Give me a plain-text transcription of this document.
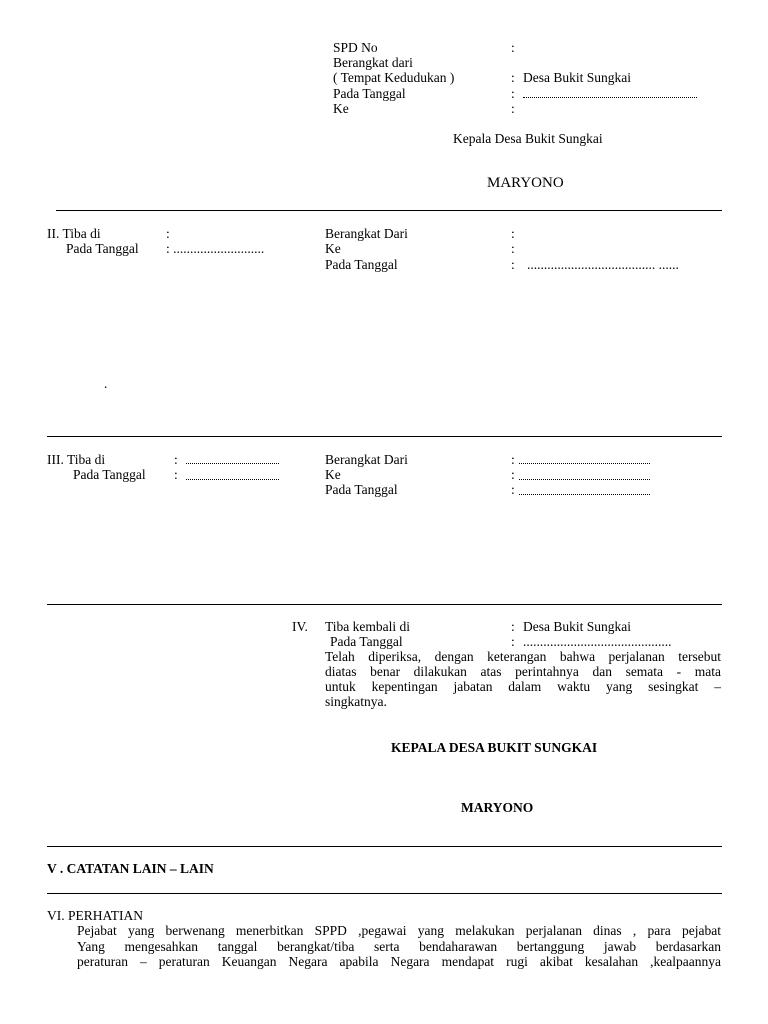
SPD No	:
Berangkat dari
( Tempat Kedudukan )	: Desa Bukit Sungkai
Pada Tanggal	:
Ke	:
Kepala Desa Bukit Sungkai
MARYONO
II. Tiba di	:
Pada Tanggal : ...........................
Berangkat Dari	:
Ke	:
Pada Tanggal	: ...................................... ......
.
III. Tiba di	:
Pada Tanggal :
Berangkat Dari	:
Ke	:
Pada Tanggal	:
IV. Tiba kembali di	: Desa Bukit Sungkai
Pada Tanggal	: ............................................
Telah diperiksa, dengan keterangan bahwa perjalanan tersebut
diatas benar dilakukan atas perintahnya dan semata - mata
untuk kepentingan jabatan dalam waktu yang sesingkat –
singkatnya.
KEPALA DESA BUKIT SUNGKAI
MARYONO
V . CATATAN LAIN – LAIN
VI. PERHATIAN
Pejabat yang berwenang menerbitkan SPPD ,pegawai yang melakukan perjalanan dinas , para pejabat
Yang mengesahkan tanggal berangkat/tiba serta bendaharawan bertanggung jawab berdasarkan
peraturan – peraturan Keuangan Negara apabila Negara mendapat rugi akibat kesalahan ,kealpaannya
